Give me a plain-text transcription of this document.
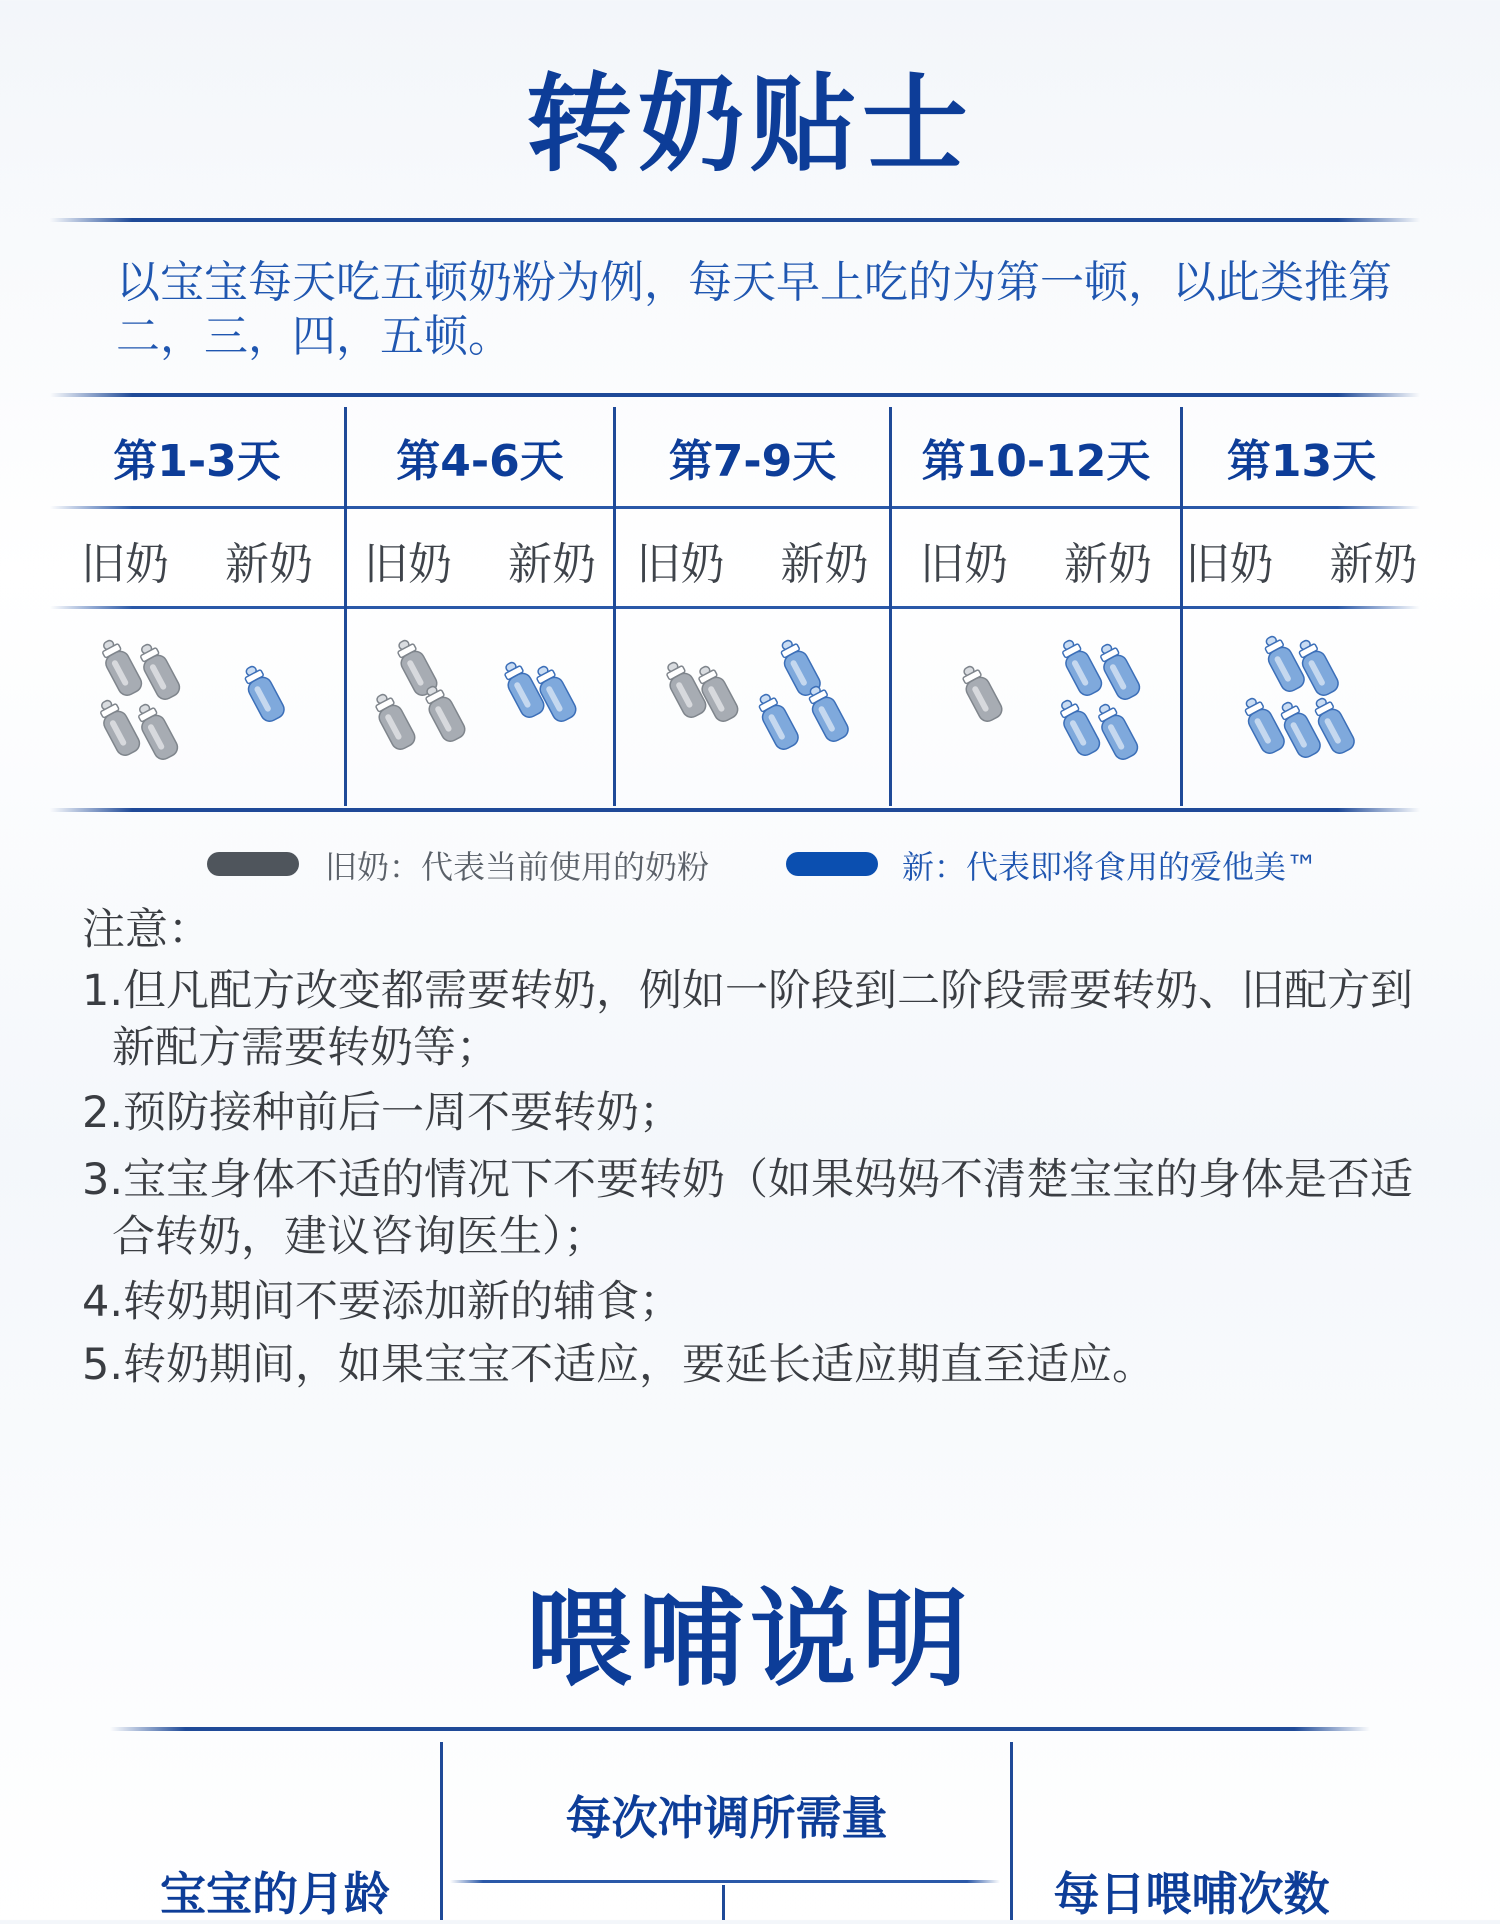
转奶贴士
以宝宝每天吃五顿奶粉为例，每天早上吃的为第一顿，以此类推第二，三，四，五顿。
第1-3天
旧奶 新奶
第4-6天
旧奶 新奶
第7-9天
旧奶 新奶
第10-12天
旧奶 新奶
第13天
旧奶 新奶
旧奶：代表当前使用的奶粉	新：代表即将食用的爱他美™

注意：

1.但凡配方改变都需要转奶，例如一阶段到二阶段需要转奶、旧配方到新配方需要转奶等；

2.预防接种前后一周不要转奶；

3.宝宝身体不适的情况下不要转奶（如果妈妈不清楚宝宝的身体是否适合转奶，建议咨询医生）；

4.转奶期间不要添加新的辅食；

5.转奶期间，如果宝宝不适应，要延长适应期直至适应。

喂哺说明
宝宝的月龄
每次冲调所需量
每日喂哺次数
